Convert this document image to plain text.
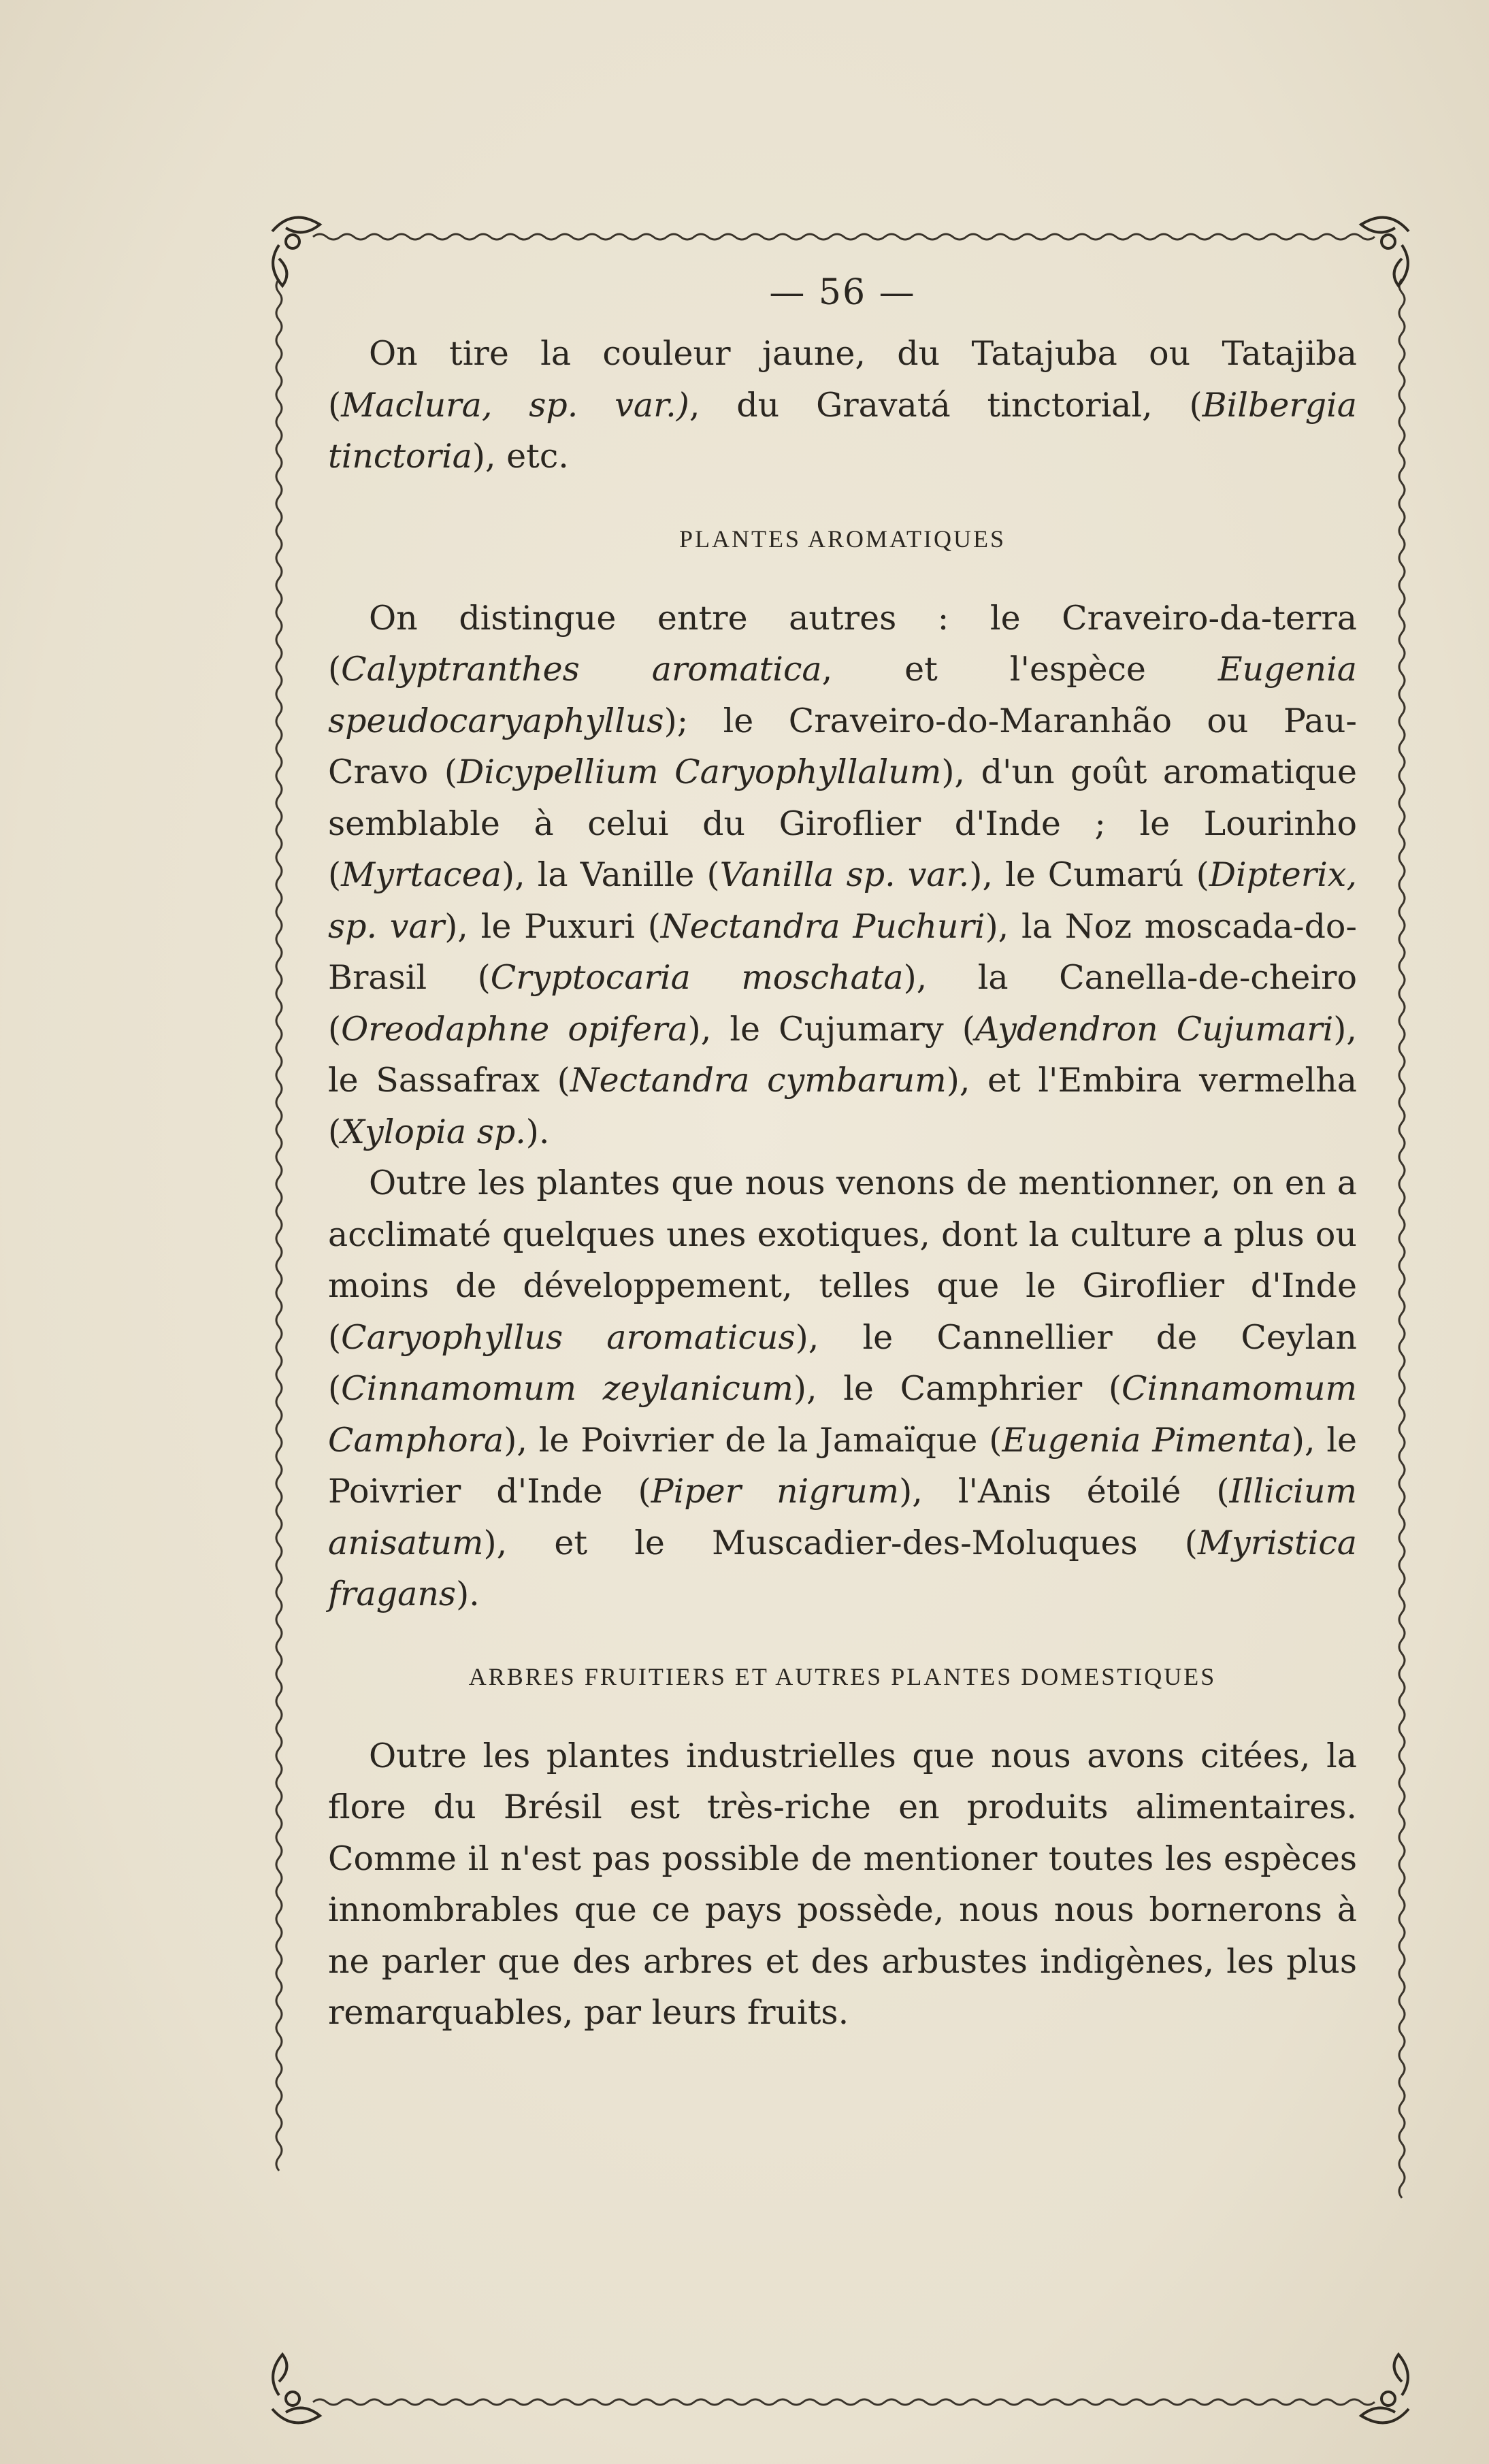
— 56 —

On tire la couleur jaune, du Tatajuba ou Tatajiba (Maclura, sp. var.), du Gravatá tinctorial, (Bilbergia tinctoria), etc.

PLANTES AROMATIQUES

On distingue entre autres : le Craveiro-da-terra (Calyptranthes aromatica, et l'espèce Eugenia speudocaryaphyllus); le Craveiro-do-Maranhão ou Pau-Cravo (Dicypellium Caryophyllalum), d'un goût aromatique semblable à celui du Giroflier d'Inde ; le Lourinho (Myrtacea), la Vanille (Vanilla sp. var.), le Cumarú (Dipterix, sp. var), le Puxuri (Nectandra Puchuri), la Noz moscada-do-Brasil (Cryptocaria moschata), la Canella-de-cheiro (Oreodaphne opifera), le Cujumary (Aydendron Cujumari), le Sassafrax (Nectandra cymbarum), et l'Embira vermelha (Xylopia sp.).

Outre les plantes que nous venons de mentionner, on en a acclimaté quelques unes exotiques, dont la culture a plus ou moins de développement, telles que le Giroflier d'Inde (Caryophyllus aromaticus), le Cannellier de Ceylan (Cinnamomum zeylanicum), le Camphrier (Cinnamomum Camphora), le Poivrier de la Jamaïque (Eugenia Pimenta), le Poivrier d'Inde (Piper nigrum), l'Anis étoilé (Illicium anisatum), et le Muscadier-des-Moluques (Myristica fragans).

ARBRES FRUITIERS ET AUTRES PLANTES DOMESTIQUES

Outre les plantes industrielles que nous avons citées, la flore du Brésil est très-riche en produits alimentaires. Comme il n'est pas possible de mentioner toutes les espèces innombrables que ce pays possède, nous nous bornerons à ne parler que des arbres et des arbustes indigènes, les plus remarquables, par leurs fruits.
